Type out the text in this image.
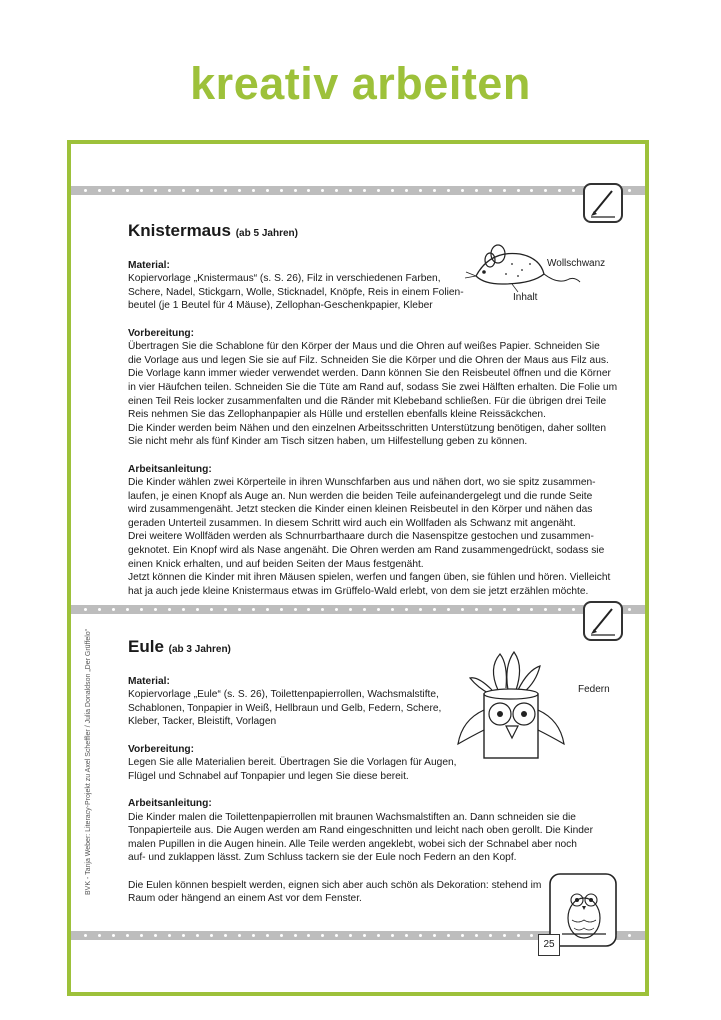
kreativ arbeiten
Knistermaus (ab 5 Jahren)

Material:

Kopiervorlage „Knistermaus“ (s. S. 26), Filz in verschiedenen Farben,

Schere, Nadel, Stickgarn, Wolle, Sticknadel, Knöpfe, Reis in einem Folien-

beutel (je 1 Beutel für 4 Mäuse), Zellophan-Geschenkpapier, Kleber

Vorbereitung:

Übertragen Sie die Schablone für den Körper der Maus und die Ohren auf weißes Papier. Schneiden Sie

die Vorlage aus und legen Sie sie auf Filz. Schneiden Sie die Körper und die Ohren der Maus aus Filz aus.

Die Vorlage kann immer wieder verwendet werden. Dann können Sie den Reisbeutel öffnen und die Körner

in vier Häufchen teilen. Schneiden Sie die Tüte am Rand auf, sodass Sie zwei Hälften erhalten. Die Folie um

einen Teil Reis locker zusammenfalten und die Ränder mit Klebeband schließen. Für die übrigen drei Teile

Reis nehmen Sie das Zellophanpapier als Hülle und erstellen ebenfalls kleine Reissäckchen.

Die Kinder werden beim Nähen und den einzelnen Arbeitsschritten Unterstützung benötigen, daher sollten

Sie nicht mehr als fünf Kinder am Tisch sitzen haben, um Hilfestellung geben zu können.

Arbeitsanleitung:

Die Kinder wählen zwei Körperteile in ihren Wunschfarben aus und nähen dort, wo sie spitz zusammen-

laufen, je einen Knopf als Auge an. Nun werden die beiden Teile aufeinandergelegt und die runde Seite

wird zusammengenäht. Jetzt stecken die Kinder einen kleinen Reisbeutel in den Körper und nähen das

geraden Unterteil zusammen. In diesem Schritt wird auch ein Wollfaden als Schwanz mit angenäht.

Drei weitere Wollfäden werden als Schnurrbarthaare durch die Nasenspitze gestochen und zusammen-

geknotet. Ein Knopf wird als Nase angenäht. Die Ohren werden am Rand zusammengedrückt, sodass sie

einen Knick erhalten, und auf beiden Seiten der Maus festgenäht.

Jetzt können die Kinder mit ihren Mäusen spielen, werfen und fangen üben, sie fühlen und hören. Vielleicht

hat ja auch jede kleine Knistermaus etwas im Grüffelo-Wald erlebt, von dem sie jetzt erzählen möchte.

Wollschwanz
Inhalt
Eule (ab 3 Jahren)

Material:

Kopiervorlage „Eule“ (s. S. 26), Toilettenpapierrollen, Wachsmalstifte,

Schablonen, Tonpapier in Weiß, Hellbraun und Gelb, Federn, Schere,

Kleber, Tacker, Bleistift, Vorlagen

Vorbereitung:

Legen Sie alle Materialien bereit. Übertragen Sie die Vorlagen für Augen,

Flügel und Schnabel auf Tonpapier und legen Sie diese bereit.

Arbeitsanleitung:

Die Kinder malen die Toilettenpapierrollen mit braunen Wachsmalstiften an. Dann schneiden sie die

Tonpapierteile aus. Die Augen werden am Rand eingeschnitten und leicht nach oben gerollt. Die Kinder

malen Pupillen in die Augen hinein. Alle Teile werden angeklebt, wobei sich der Schnabel aber noch

auf- und zuklappen lässt. Zum Schluss tackern sie der Eule noch Federn an den Kopf.

Die Eulen können bespielt werden, eignen sich aber auch schön als Dekoration: stehend im

Raum oder hängend an einem Ast vor dem Fenster.

Federn
25
BVK - Tanja Weber: Literacy-Projekt zu Axel Scheffler / Julia Donaldson „Der Grüffelo“
